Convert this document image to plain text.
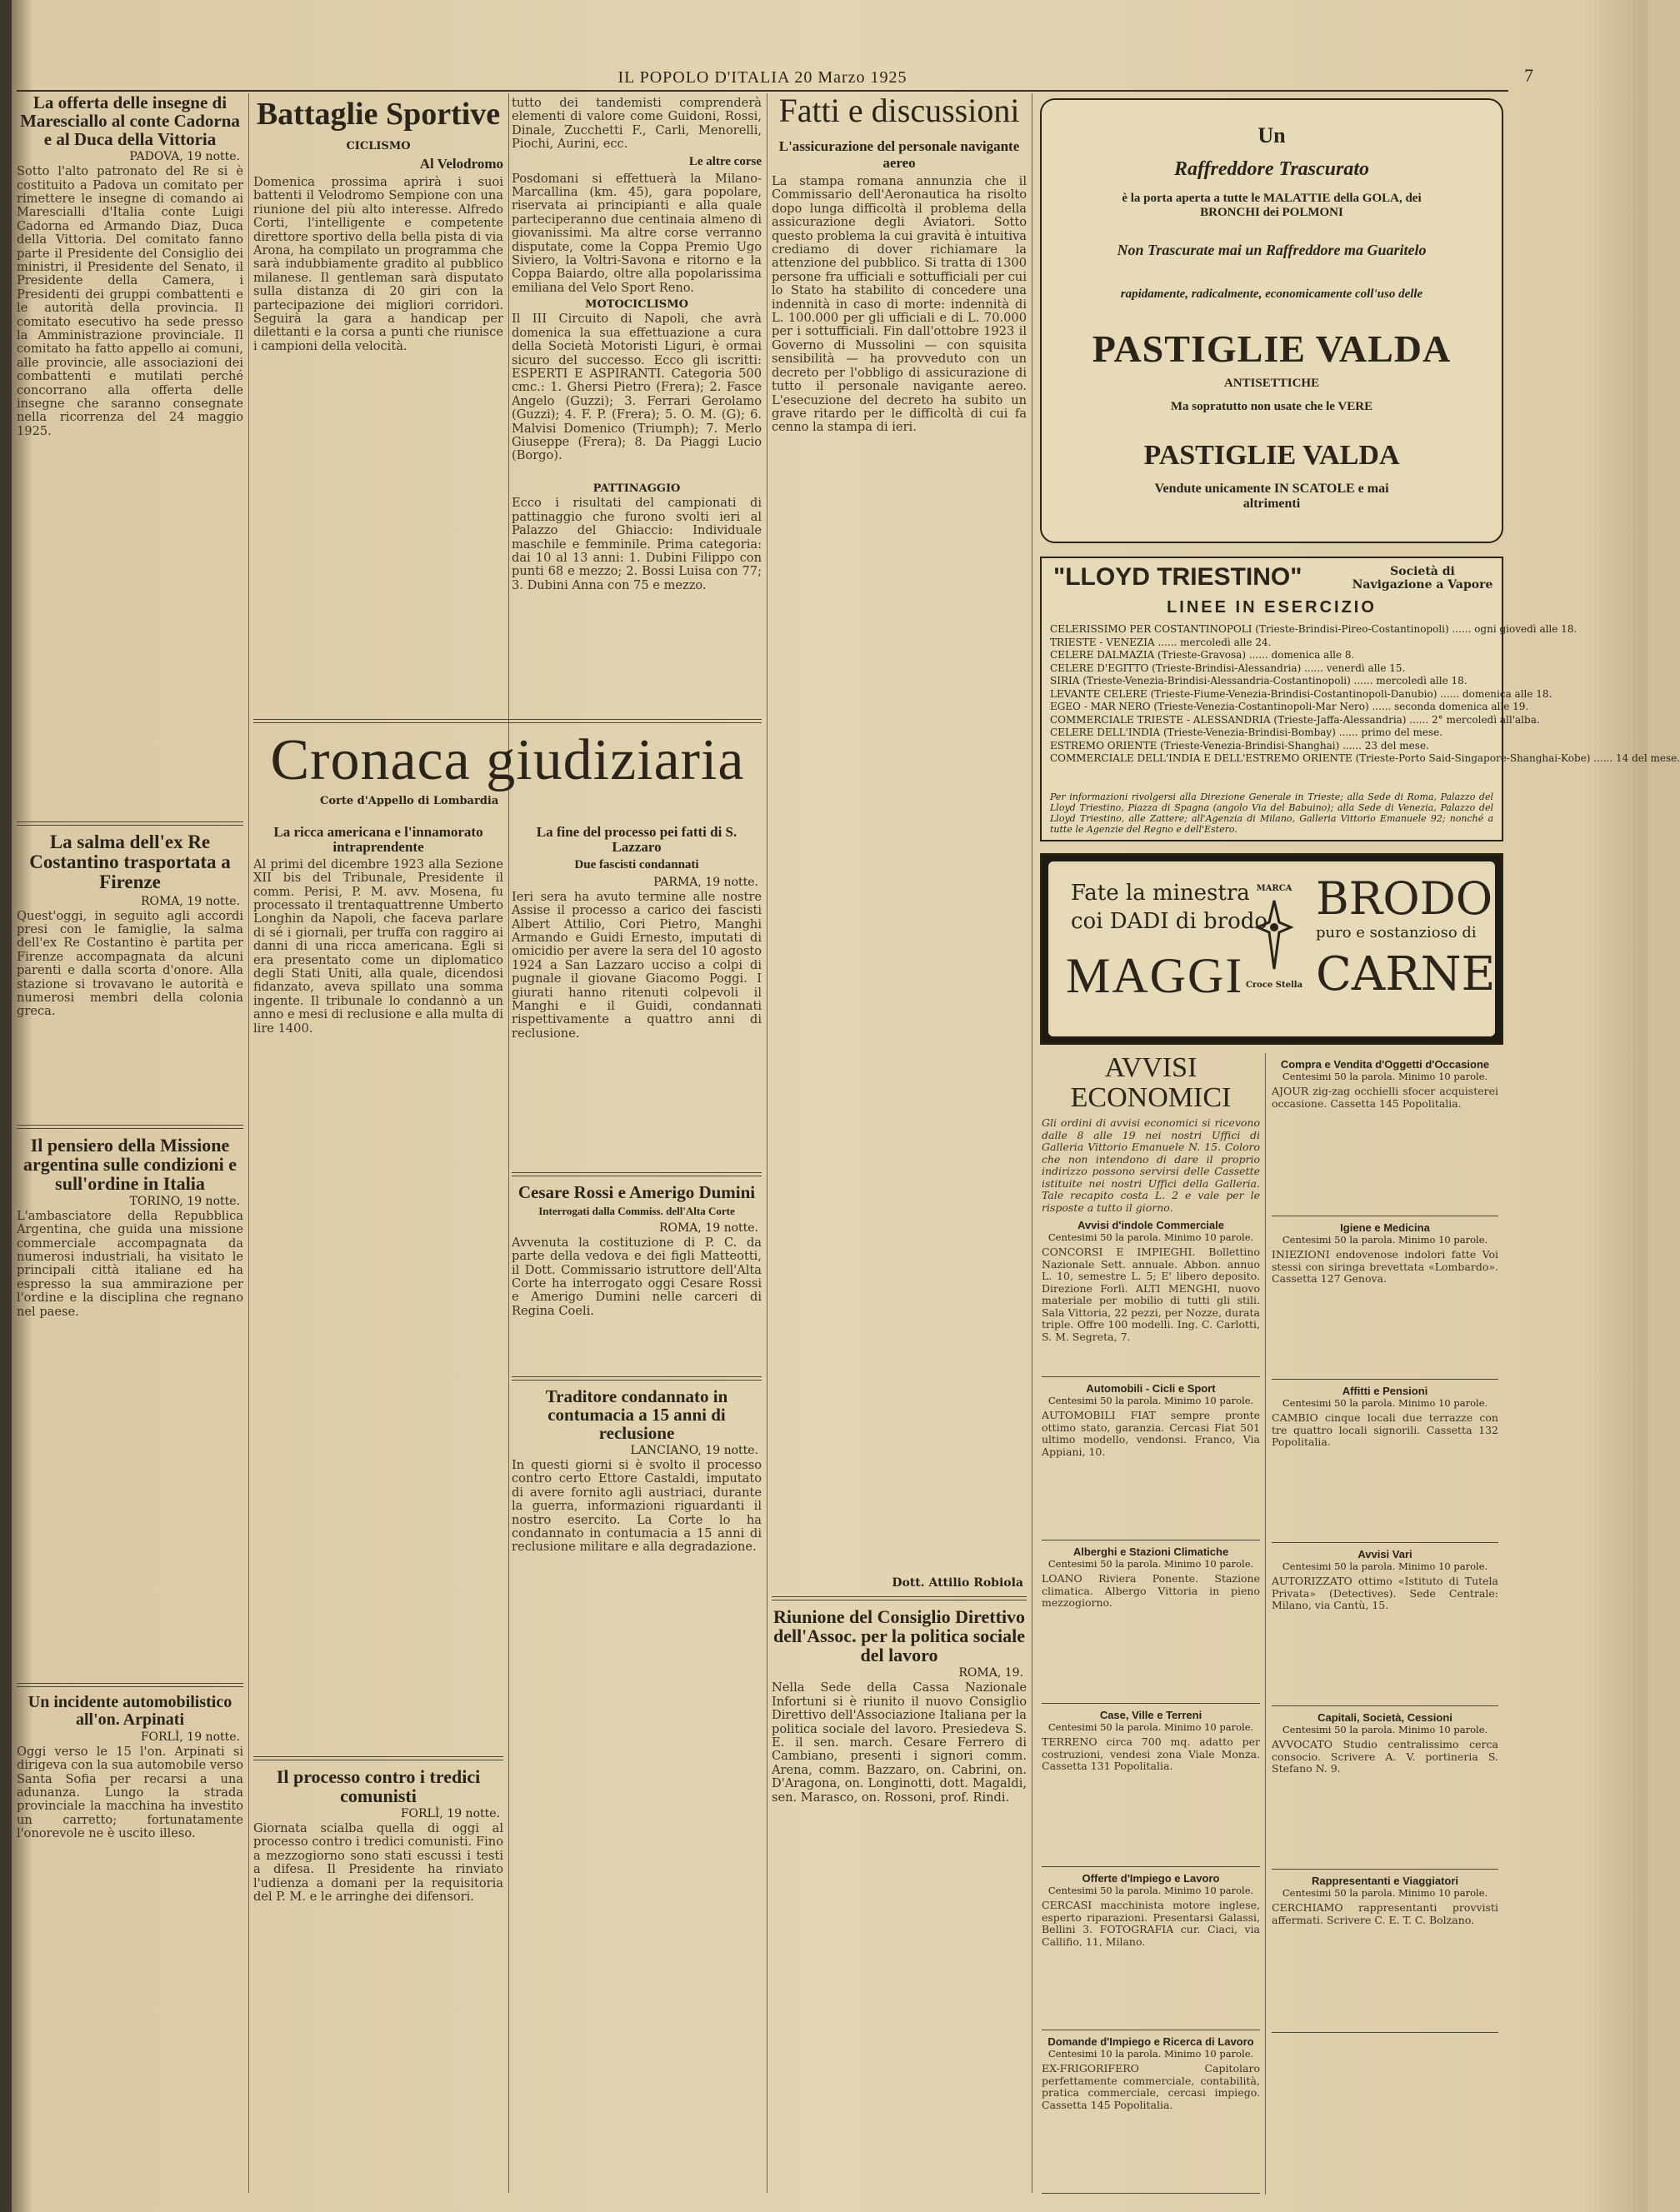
IL POPOLO D'ITALIA 20 Marzo 1925	7
La offerta delle insegne di Maresciallo al conte Cadorna e al Duca della Vittoria
PADOVA, 19 notte.

Sotto l'alto patronato del Re si è costituito a Padova un comitato per rimettere le insegne di comando ai Marescialli d'Italia conte Luigi Cadorna ed Armando Diaz, Duca della Vittoria. Del comitato fanno parte il Presidente del Consiglio dei ministri, il Presidente del Senato, il Presidente della Camera, i Presidenti dei gruppi combattenti e le autorità della provincia. Il comitato esecutivo ha sede presso la Amministrazione provinciale. Il comitato ha fatto appello ai comuni, alle provincie, alle associazioni dei combattenti e mutilati perché concorrano alla offerta delle insegne che saranno consegnate nella ricorrenza del 24 maggio 1925.

La salma dell'ex Re Costantino trasportata a Firenze
ROMA, 19 notte.

Quest'oggi, in seguito agli accordi presi con le famiglie, la salma dell'ex Re Costantino è partita per Firenze accompagnata da alcuni parenti e dalla scorta d'onore. Alla stazione si trovavano le autorità e numerosi membri della colonia greca.

Il pensiero della Missione argentina sulle condizioni e sull'ordine in Italia
TORINO, 19 notte.

L'ambasciatore della Repubblica Argentina, che guida una missione commerciale accompagnata da numerosi industriali, ha visitato le principali città italiane ed ha espresso la sua ammirazione per l'ordine e la disciplina che regnano nel paese.

Un incidente automobilistico all'on. Arpinati
FORLÌ, 19 notte.

Oggi verso le 15 l'on. Arpinati si dirigeva con la sua automobile verso Santa Sofia per recarsi a una adunanza. Lungo la strada provinciale la macchina ha investito un carretto; fortunatamente l'onorevole ne è uscito illeso.

Battaglie Sportive
CICLISMO
Al Velodromo

Domenica prossima aprirà i suoi battenti il Velodromo Sempione con una riunione del più alto interesse. Alfredo Corti, l'intelligente e competente direttore sportivo della bella pista di via Arona, ha compilato un programma che sarà indubbiamente gradito al pubblico milanese. Il gentleman sarà disputato sulla distanza di 20 giri con la partecipazione dei migliori corridori. Seguirà la gara a handicap per dilettanti e la corsa a punti che riunisce i campioni della velocità.

Cronaca giudiziaria
Corte d'Appello di Lombardia
La ricca americana e l'innamorato intraprendente

Al primi del dicembre 1923 alla Sezione XII bis del Tribunale, Presidente il comm. Perisi, P. M. avv. Mosena, fu processato il trentaquattrenne Umberto Longhin da Napoli, che faceva parlare di sé i giornali, per truffa con raggiro ai danni di una ricca americana. Egli si era presentato come un diplomatico degli Stati Uniti, alla quale, dicendosi fidanzato, aveva spillato una somma ingente. Il tribunale lo condannò a un anno e mesi di reclusione e alla multa di lire 1400.

Il processo contro i tredici comunisti
FORLÌ, 19 notte.

Giornata scialba quella di oggi al processo contro i tredici comunisti. Fino a mezzogiorno sono stati escussi i testi a difesa. Il Presidente ha rinviato l'udienza a domani per la requisitoria del P. M. e le arringhe dei difensori.

tutto dei tandemisti comprenderà elementi di valore come Guidoni, Rossi, Dinale, Zucchetti F., Carli, Menorelli, Piochi, Aurini, ecc.

Le altre corse

Posdomani si effettuerà la Milano-Marcallina (km. 45), gara popolare, riservata ai principianti e alla quale parteciperanno due centinaia almeno di giovanissimi. Ma altre corse verranno disputate, come la Coppa Premio Ugo Siviero, la Voltri-Savona e ritorno e la Coppa Baiardo, oltre alla popolarissima emiliana del Velo Sport Reno.

MOTOCICLISMO

Il III Circuito di Napoli, che avrà domenica la sua effettuazione a cura della Società Motoristi Liguri, è ormai sicuro del successo. Ecco gli iscritti: ESPERTI E ASPIRANTI. Categoria 500 cmc.: 1. Ghersi Pietro (Frera); 2. Fasce Angelo (Guzzi); 3. Ferrari Gerolamo (Guzzi); 4. F. P. (Frera); 5. O. M. (G); 6. Malvisi Domenico (Triumph); 7. Merlo Giuseppe (Frera); 8. Da Piaggi Lucio (Borgo).

PATTINAGGIO

Ecco i risultati del campionati di pattinaggio che furono svolti ieri al Palazzo del Ghiaccio: Individuale maschile e femminile. Prima categoria: dai 10 al 13 anni: 1. Dubini Filippo con punti 68 e mezzo; 2. Bossi Luisa con 77; 3. Dubini Anna con 75 e mezzo.

La fine del processo pei fatti di S. Lazzaro
Due fascisti condannati
PARMA, 19 notte.

Ieri sera ha avuto termine alle nostre Assise il processo a carico dei fascisti Albert Attilio, Cori Pietro, Manghi Armando e Guidi Ernesto, imputati di omicidio per avere la sera del 10 agosto 1924 a San Lazzaro ucciso a colpi di pugnale il giovane Giacomo Poggi. I giurati hanno ritenuti colpevoli il Manghi e il Guidi, condannati rispettivamente a quattro anni di reclusione.

Cesare Rossi e Amerigo Dumini
Interrogati dalla Commiss. dell'Alta Corte
ROMA, 19 notte.

Avvenuta la costituzione di P. C. da parte della vedova e dei figli Matteotti, il Dott. Commissario istruttore dell'Alta Corte ha interrogato oggi Cesare Rossi e Amerigo Dumini nelle carceri di Regina Coeli.

Traditore condannato in contumacia a 15 anni di reclusione
LANCIANO, 19 notte.

In questi giorni si è svolto il processo contro certo Ettore Castaldi, imputato di avere fornito agli austriaci, durante la guerra, informazioni riguardanti il nostro esercito. La Corte lo ha condannato in contumacia a 15 anni di reclusione militare e alla degradazione.

Fatti e discussioni
L'assicurazione del personale navigante aereo

La stampa romana annunzia che il Commissario dell'Aeronautica ha risolto dopo lunga difficoltà il problema della assicurazione degli Aviatori. Sotto questo problema la cui gravità è intuitiva crediamo di dover richiamare la attenzione del pubblico. Si tratta di 1300 persone fra ufficiali e sottufficiali per cui lo Stato ha stabilito di concedere una indennità in caso di morte: indennità di L. 100.000 per gli ufficiali e di L. 70.000 per i sottufficiali. Fin dall'ottobre 1923 il Governo di Mussolini — con squisita sensibilità — ha provveduto con un decreto per l'obbligo di assicurazione di tutto il personale navigante aereo. L'esecuzione del decreto ha subito un grave ritardo per le difficoltà di cui fa cenno la stampa di ieri.

Dott. Attilio Robiola
Riunione del Consiglio Direttivo dell'Assoc. per la politica sociale del lavoro
ROMA, 19.

Nella Sede della Cassa Nazionale Infortuni si è riunito il nuovo Consiglio Direttivo dell'Associazione Italiana per la politica sociale del lavoro. Presiedeva S. E. il sen. march. Cesare Ferrero di Cambiano, presenti i signori comm. Arena, comm. Bazzaro, on. Cabrini, on. D'Aragona, on. Longinotti, dott. Magaldi, sen. Marasco, on. Rossoni, prof. Rindi.

Un
Raffreddore Trascurato
è la porta aperta a tutte le MALATTIE della GOLA, dei BRONCHI dei POLMONI
Non Trascurate mai un Raffreddore ma Guaritelo
rapidamente, radicalmente, economicamente coll'uso delle
PASTIGLIE VALDA
ANTISETTICHE
Ma sopratutto non usate che le VERE
PASTIGLIE VALDA
Vendute unicamente IN SCATOLE e mai altrimenti
"LLOYD TRIESTINO"	Società di Navigazione a Vapore
LINEE IN ESERCIZIO
CELERISSIMO PER COSTANTINOPOLI (Trieste-Brindisi-Pireo-Costantinopoli) ...... ogni giovedì alle 18.
TRIESTE - VENEZIA ...... mercoledì alle 24.
CELERE DALMAZIA (Trieste-Gravosa) ...... domenica alle 8.
CELERE D'EGITTO (Trieste-Brindisi-Alessandria) ...... venerdì alle 15.
SIRIA (Trieste-Venezia-Brindisi-Alessandria-Costantinopoli) ...... mercoledì alle 18.
LEVANTE CELERE (Trieste-Fiume-Venezia-Brindisi-Costantinopoli-Danubio) ...... domenica alle 18.
EGEO - MAR NERO (Trieste-Venezia-Costantinopoli-Mar Nero) ...... seconda domenica alle 19.
COMMERCIALE TRIESTE - ALESSANDRIA (Trieste-Jaffa-Alessandria) ...... 2° mercoledì all'alba.
CELERE DELL'INDIA (Trieste-Venezia-Brindisi-Bombay) ...... primo del mese.
ESTREMO ORIENTE (Trieste-Venezia-Brindisi-Shanghai) ...... 23 del mese.
COMMERCIALE DELL'INDIA E DELL'ESTREMO ORIENTE (Trieste-Porto Said-Singapore-Shanghai-Kobe) ...... 14 del mese.
Per informazioni rivolgersi alla Direzione Generale in Trieste; alla Sede di Roma, Palazzo del Lloyd Triestino, Piazza di Spagna (angolo Via del Babuino); alla Sede di Venezia, Palazzo del Lloyd Triestino, alle Zattere; all'Agenzia di Milano, Galleria Vittorio Emanuele 92; nonché a tutte le Agenzie del Regno e dell'Estero.
Fate la minestra
coi DADI di brodo
MAGGI
MARCA
Croce Stella
BRODO
puro e sostanzioso di
CARNE
AVVISI ECONOMICI

Gli ordini di avvisi economici si ricevono dalle 8 alle 19 nei nostri Uffici di Galleria Vittorio Emanuele N. 15. Coloro che non intendono di dare il proprio indirizzo possono servirsi delle Cassette istituite nei nostri Uffici della Galleria. Tale recapito costa L. 2 e vale per le risposte a tutto il giorno.

Avvisi d'indole Commerciale
Centesimi 50 la parola. Minimo 10 parole.

CONCORSI E IMPIEGHI. Bollettino Nazionale Sett. annuale. Abbon. annuo L. 10, semestre L. 5; E' libero deposito. Direzione Forlì. ALTI MENGHI, nuovo materiale per mobilio di tutti gli stili. Sala Vittoria, 22 pezzi, per Nozze, durata triple. Offre 100 modelli. Ing. C. Carlotti, S. M. Segreta, 7.

Automobili - Cicli e Sport
Centesimi 50 la parola. Minimo 10 parole.

AUTOMOBILI FIAT sempre pronte ottimo stato, garanzia. Cercasi Fiat 501 ultimo modello, vendonsi. Franco, Via Appiani, 10.

Alberghi e Stazioni Climatiche
Centesimi 50 la parola. Minimo 10 parole.

LOANO Riviera Ponente. Stazione climatica. Albergo Vittoria in pieno mezzogiorno.

Case, Ville e Terreni
Centesimi 50 la parola. Minimo 10 parole.

TERRENO circa 700 mq. adatto per costruzioni, vendesi zona Viale Monza. Cassetta 131 Popolitalia.

Offerte d'Impiego e Lavoro
Centesimi 50 la parola. Minimo 10 parole.

CERCASI macchinista motore inglese, esperto riparazioni. Presentarsi Galassi, Bellini 3. FOTOGRAFIA cur. Ciaci, via Callifio, 11, Milano.

Domande d'Impiego e Ricerca di Lavoro
Centesimi 10 la parola. Minimo 10 parole.

EX-FRIGORIFERO Capitolaro perfettamente commerciale, contabilità, pratica commerciale, cercasi impiego. Cassetta 145 Popolitalia.

Compra e Vendita d'Oggetti d'Occasione
Centesimi 50 la parola. Minimo 10 parole.

AJOUR zig-zag occhielli sfocer acquisterei occasione. Cassetta 145 Popolitalia.

Igiene e Medicina
Centesimi 50 la parola. Minimo 10 parole.

INIEZIONI endovenose indolori fatte Voi stessi con siringa brevettata «Lombardo». Cassetta 127 Genova.

Affitti e Pensioni
Centesimi 50 la parola. Minimo 10 parole.

CAMBIO cinque locali due terrazze con tre quattro locali signorili. Cassetta 132 Popolitalia.

Avvisi Vari
Centesimi 50 la parola. Minimo 10 parole.

AUTORIZZATO ottimo «Istituto di Tutela Privata» (Detectives). Sede Centrale: Milano, via Cantù, 15.

Capitali, Società, Cessioni
Centesimi 50 la parola. Minimo 10 parole.

AVVOCATO Studio centralissimo cerca consocio. Scrivere A. V. portineria S. Stefano N. 9.

Rappresentanti e Viaggiatori
Centesimi 50 la parola. Minimo 10 parole.

CERCHIAMO rappresentanti provvisti affermati. Scrivere C. E. T. C. Bolzano.
